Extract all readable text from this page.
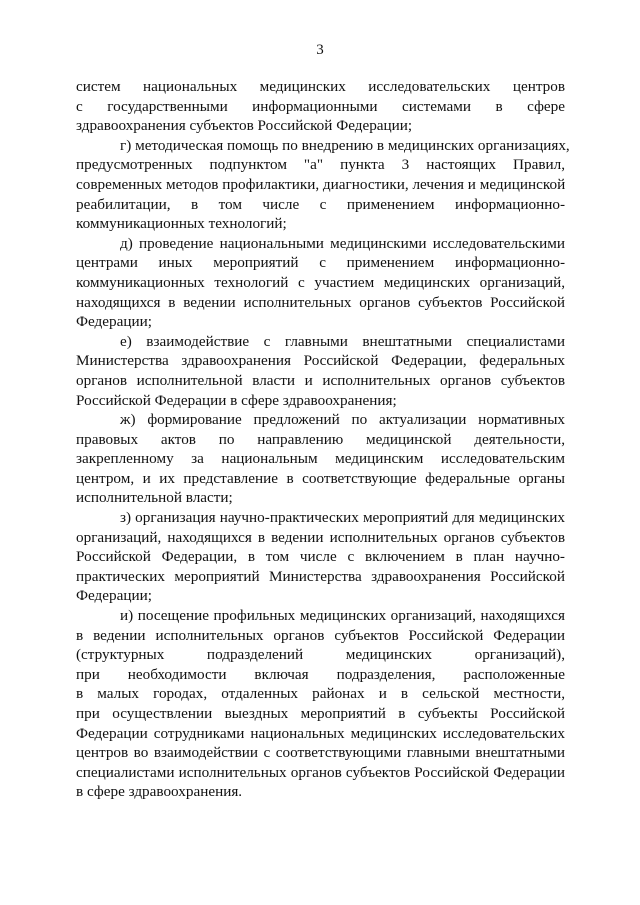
3
систем национальных медицинских исследовательских центров
с государственными информационными системами в сфере
здравоохранения субъектов Российской Федерации;
г) методическая помощь по внедрению в медицинских организациях,
предусмотренных подпунктом "а" пункта 3 настоящих Правил,
современных методов профилактики, диагностики, лечения и медицинской
реабилитации, в том числе с применением информационно-
коммуникационных технологий;
д) проведение национальными медицинскими исследовательскими
центрами иных мероприятий с применением информационно-
коммуникационных технологий с участием медицинских организаций,
находящихся в ведении исполнительных органов субъектов Российской
Федерации;
е) взаимодействие с главными внештатными специалистами
Министерства здравоохранения Российской Федерации, федеральных
органов исполнительной власти и исполнительных органов субъектов
Российской Федерации в сфере здравоохранения;
ж) формирование предложений по актуализации нормативных
правовых актов по направлению медицинской деятельности,
закрепленному за национальным медицинским исследовательским
центром, и их представление в соответствующие федеральные органы
исполнительной власти;
з) организация научно-практических мероприятий для медицинских
организаций, находящихся в ведении исполнительных органов субъектов
Российской Федерации, в том числе с включением в план научно-
практических мероприятий Министерства здравоохранения Российской
Федерации;
и) посещение профильных медицинских организаций, находящихся
в ведении исполнительных органов субъектов Российской Федерации
(структурных подразделений медицинских организаций),
при необходимости включая подразделения, расположенные
в малых городах, отдаленных районах и в сельской местности,
при осуществлении выездных мероприятий в субъекты Российской
Федерации сотрудниками национальных медицинских исследовательских
центров во взаимодействии с соответствующими главными внештатными
специалистами исполнительных органов субъектов Российской Федерации
в сфере здравоохранения.
